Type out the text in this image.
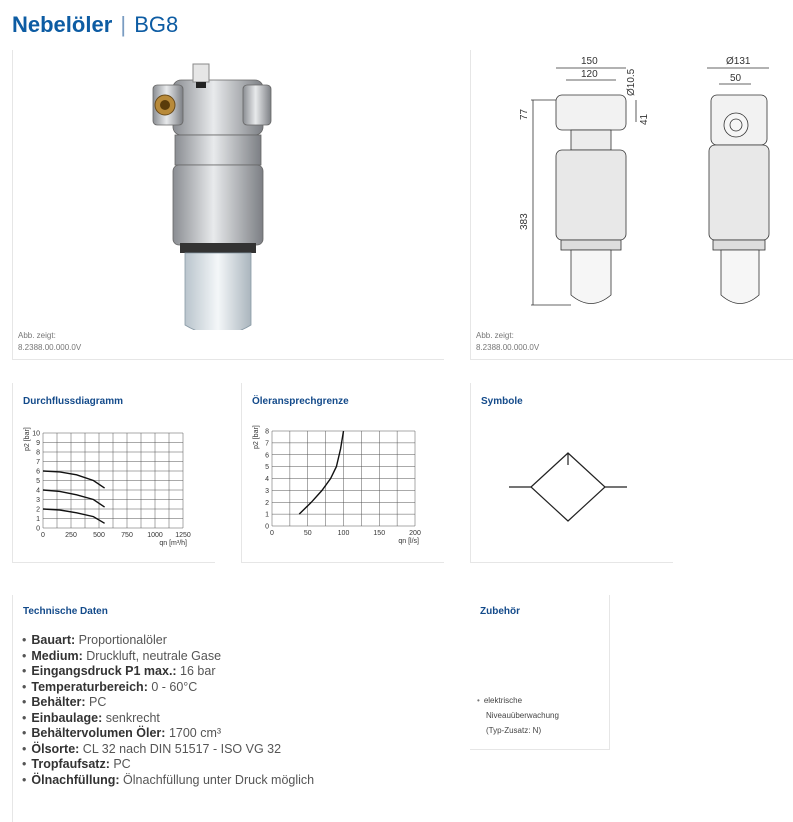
Nebelöler | BG8
Abb. zeigt:
8.2388.00.000.0V
150
120	Ø10.5
77	41
383
Ø131
50
Abb. zeigt:
8.2388.00.000.0V
Durchflussdiagramm
0
1
2
3
4
5
6
7
8
9
10
0	250 500 750 1000 1250
p2 [bar]
qn [m³/h]
Öleransprechgrenze
0
1
2
3
4
5
6
7
8
0	50	100	150	200
p2 [bar]
qn [l/s]
Symbole
Technische Daten
• Bauart: Proportionalöler
• Medium: Druckluft, neutrale Gase
• Eingangsdruck P1 max.: 16 bar
• Temperaturbereich: 0 - 60°C
• Behälter: PC
• Einbaulage: senkrecht
• Behältervolumen Öler: 1700 cm³
• Ölsorte: CL 32 nach DIN 51517 - ISO VG 32
• Tropfaufsatz: PC
• Ölnachfüllung: Ölnachfüllung unter Druck möglich
Zubehör
• elektrische
Niveauüberwachung
(Typ-Zusatz: N)
